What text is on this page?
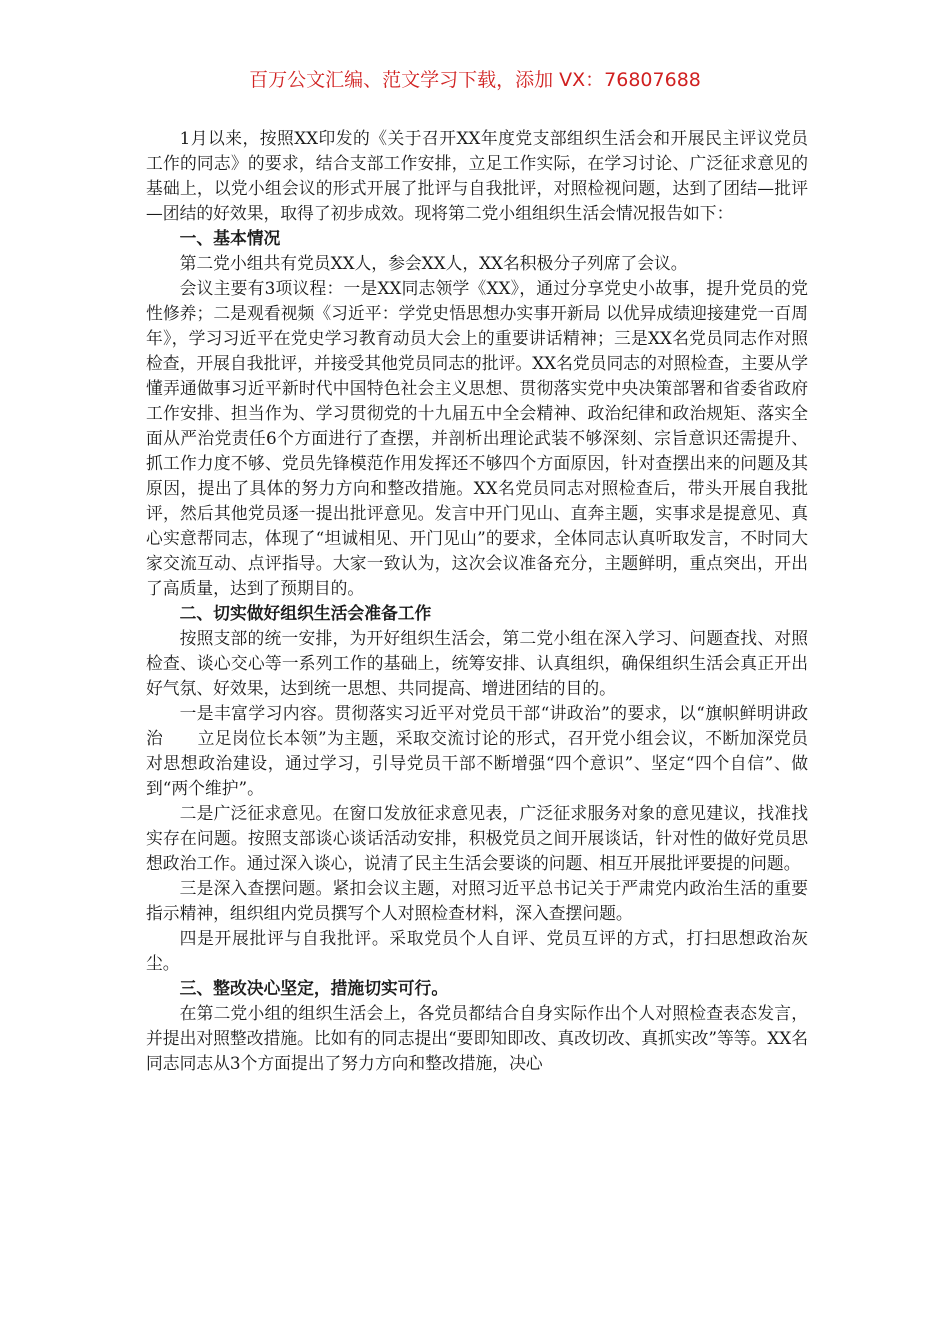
百万公文汇编、范文学习下载，添加 VX：76807688

1月以来，按照XX印发的《关于召开XX年度党支部组织生活会和开展民主评议党员工作的同志》的要求，结合支部工作安排，立足工作实际，在学习讨论、广泛征求意见的基础上，以党小组会议的形式开展了批评与自我批评，对照检视问题，达到了团结—批评—团结的好效果，取得了初步成效。现将第二党小组组织生活会情况报告如下：

一、基本情况

第二党小组共有党员XX人，参会XX人，XX名积极分子列席了会议。

会议主要有3项议程：一是XX同志领学《XX》，通过分享党史小故事，提升党员的党性修养；二是观看视频《习近平：学党史悟思想办实事开新局 以优异成绩迎接建党一百周年》，学习习近平在党史学习教育动员大会上的重要讲话精神；三是XX名党员同志作对照检查，开展自我批评，并接受其他党员同志的批评。XX名党员同志的对照检查，主要从学懂弄通做事习近平新时代中国特色社会主义思想、贯彻落实党中央决策部署和省委省政府工作安排、担当作为、学习贯彻党的十九届五中全会精神、政治纪律和政治规矩、落实全面从严治党责任6个方面进行了查摆，并剖析出理论武装不够深刻、宗旨意识还需提升、抓工作力度不够、党员先锋模范作用发挥还不够四个方面原因，针对查摆出来的问题及其原因，提出了具体的努力方向和整改措施。XX名党员同志对照检查后，带头开展自我批评，然后其他党员逐一提出批评意见。发言中开门见山、直奔主题，实事求是提意见、真心实意帮同志，体现了“坦诚相见、开门见山”的要求，全体同志认真听取发言，不时同大家交流互动、点评指导。大家一致认为，这次会议准备充分，主题鲜明，重点突出，开出了高质量，达到了预期目的。

二、切实做好组织生活会准备工作

按照支部的统一安排，为开好组织生活会，第二党小组在深入学习、问题查找、对照检查、谈心交心等一系列工作的基础上，统筹安排、认真组织，确保组织生活会真正开出好气氛、好效果，达到统一思想、共同提高、增进团结的目的。

一是丰富学习内容。贯彻落实习近平对党员干部“讲政治”的要求，以“旗帜鲜明讲政治　　立足岗位长本领”为主题，采取交流讨论的形式，召开党小组会议，不断加深党员对思想政治建设，通过学习，引导党员干部不断增强“四个意识”、坚定“四个自信”、做到“两个维护”。

二是广泛征求意见。在窗口发放征求意见表，广泛征求服务对象的意见建议，找准找实存在问题。按照支部谈心谈话活动安排，积极党员之间开展谈话，针对性的做好党员思想政治工作。通过深入谈心，说清了民主生活会要谈的问题、相互开展批评要提的问题。

三是深入查摆问题。紧扣会议主题，对照习近平总书记关于严肃党内政治生活的重要指示精神，组织组内党员撰写个人对照检查材料，深入查摆问题。

四是开展批评与自我批评。采取党员个人自评、党员互评的方式，打扫思想政治灰尘。

三、整改决心坚定，措施切实可行。

在第二党小组的组织生活会上，各党员都结合自身实际作出个人对照检查表态发言，并提出对照整改措施。比如有的同志提出“要即知即改、真改切改、真抓实改”等等。XX名同志同志从3个方面提出了努力方向和整改措施，决心
